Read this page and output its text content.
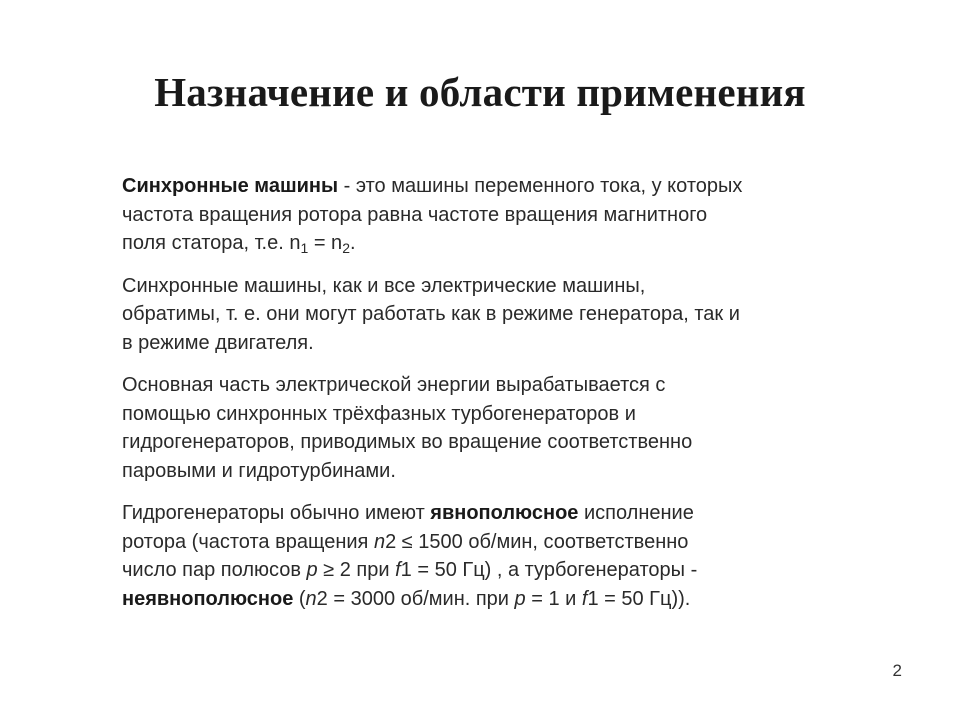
Назначение и области применения
Синхронные машины - это машины переменного тока, у которых
частота вращения ротора равна частоте вращения магнитного
поля статора, т.е. $n_1 = n_2$.
Синхронные машины, как и все электрические машины,
обратимы, т. е. они могут работать как в режиме генератора, так и
в режиме двигателя.
Основная часть электрической энергии вырабатывается с
помощью синхронных трёхфазных турбогенераторов и
гидрогенераторов, приводимых во вращение соответственно
паровыми и гидротурбинами.
Гидрогенераторы обычно имеют явнополюсное исполнение
ротора (частота вращения n2 ≤ 1500 об/мин, соответственно
число пар полюсов p ≥ 2 при f1 = 50 Гц) , а турбогенераторы -
неявнополюсное (n2 = 3000 об/мин. при p = 1 и f1 = 50 Гц)).
2
